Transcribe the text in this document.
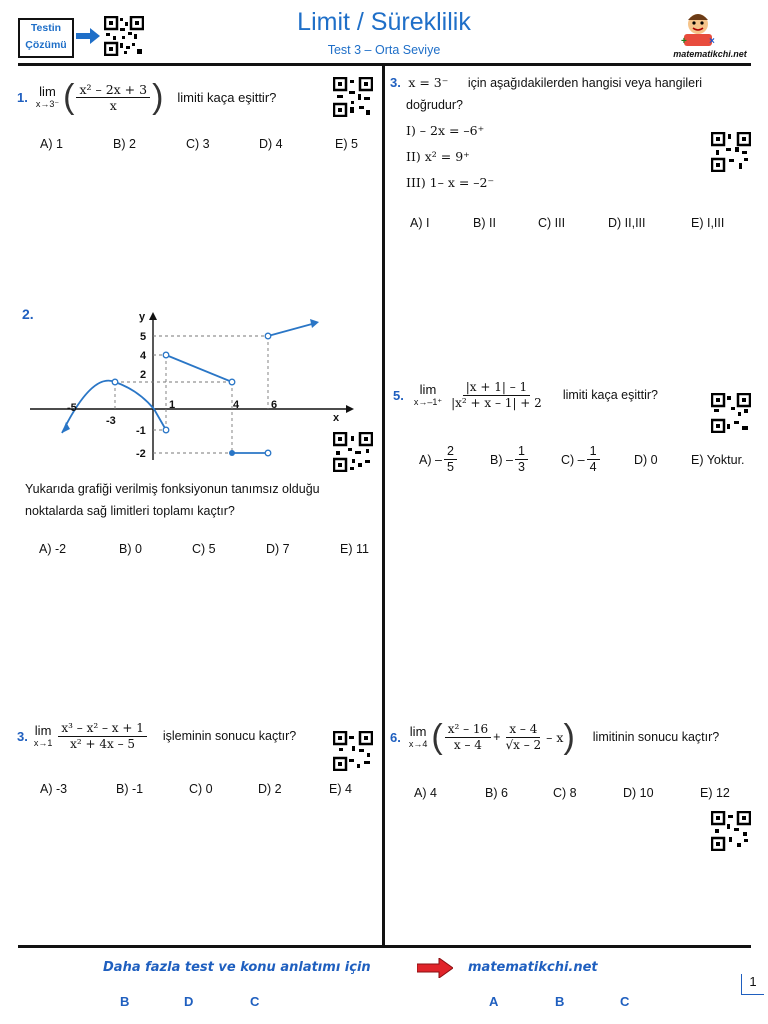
Testin
Çözümü
Limit / Süreklilik
Test 3 – Orta Seviye
+ ×
matematikchi.net
1. lim
x→3⁻ ( $\frac{\text{x² – 2x + 3}}{x}$ ) limiti kaça eşittir?
A) 1	B) 2	C) 3	D) 4	E) 5
2.	y
x
-5
-3
1	4	6
5
4
2
-1
-2
Yukarıda grafiği verilmiş fonksiyonun tanımsız olduğu
noktalarda sağ limitleri toplamı kaçtır?
A) -2	B) 0	C) 5	D) 7	E) 11
3. lim
$x\to 1 \frac{\text{x³ – x² – x + 1}}{\text{x² + 4x – 5}}$ işleminin sonucu kaçtır?
A) -3	B) -1	C) 0	D) 2	E) 4
3. x = 3⁻ için aşağıdakilerden hangisi veya hangileri
doğrudur?
I) – 2x = –6⁺
II) x² = 9⁺
III) 1– x = –2⁻
A) I	B) II	C) III	D) II,III	E) I,III
5. lim
$x\to-1^+ \frac{|x + 1| - 1}{\text{|x² + x – 1| + 2}}$ limiti kaça eşittir?
$A) - \frac{2}{5}$	$B) - \frac{1}{3}$	$C) - \frac{1}{4}$	D) 0	E) Yoktur.
6. lim
x→4 ( $\frac{\text{x² – 16}}{x - 4} + \frac{x - 4}{√x - 2} - x$ ) limitinin sonucu kaçtır?
A) 4	B) 6	C) 8	D) 10	E) 12
Daha fazla test ve konu anlatımı için	matematikchi.net
B	D	C	A	B	C
1
